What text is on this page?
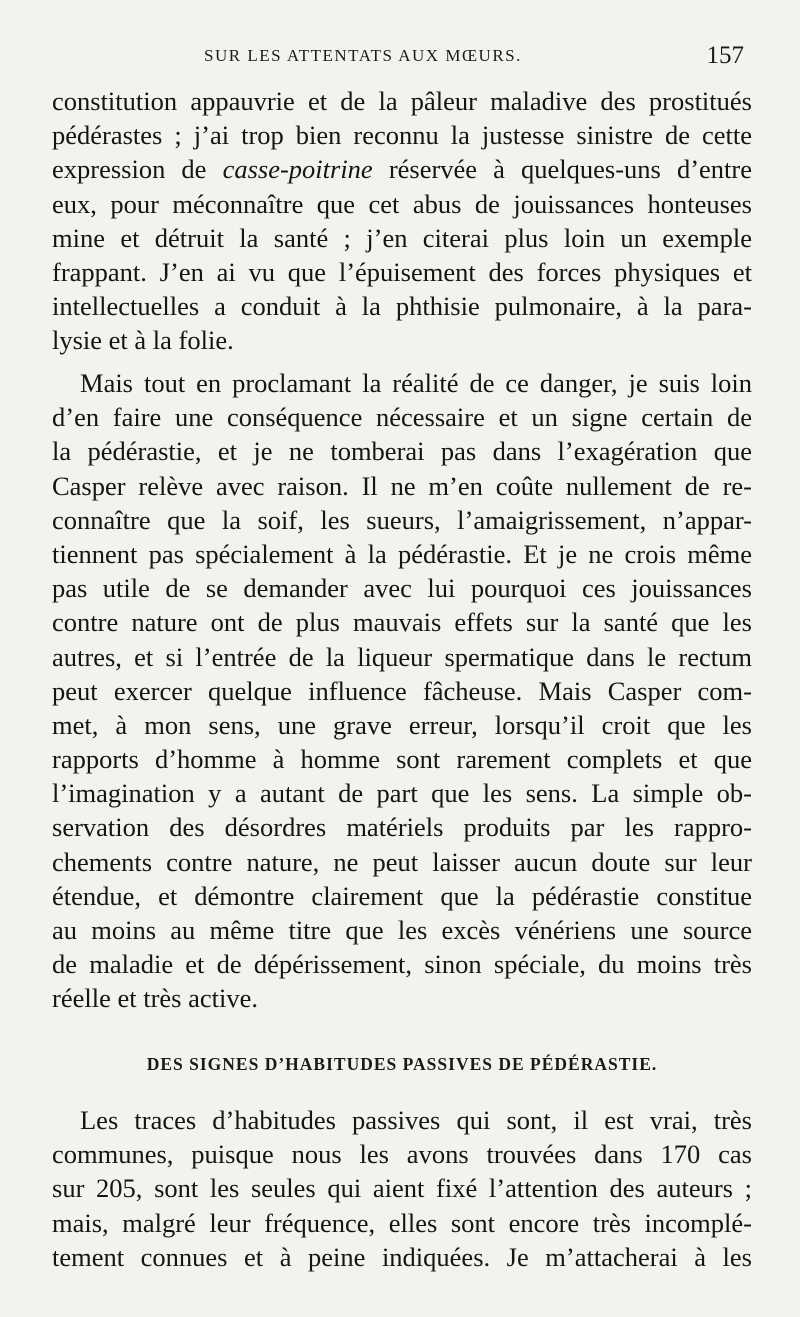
SUR LES ATTENTATS AUX MŒURS.	157
constitution appauvrie et de la pâleur maladive des prostitués
pédérastes ; j’ai trop bien reconnu la justesse sinistre de cette
expression de casse-poitrine réservée à quelques-uns d’entre
eux, pour méconnaître que cet abus de jouissances honteuses
mine et détruit la santé ; j’en citerai plus loin un exemple
frappant. J’en ai vu que l’épuisement des forces physiques et
intellectuelles a conduit à la phthisie pulmonaire, à la para-
lysie et à la folie.
Mais tout en proclamant la réalité de ce danger, je suis loin
d’en faire une conséquence nécessaire et un signe certain de
la pédérastie, et je ne tomberai pas dans l’exagération que
Casper relève avec raison. Il ne m’en coûte nullement de re-
connaître que la soif, les sueurs, l’amaigrissement, n’appar-
tiennent pas spécialement à la pédérastie. Et je ne crois même
pas utile de se demander avec lui pourquoi ces jouissances
contre nature ont de plus mauvais effets sur la santé que les
autres, et si l’entrée de la liqueur spermatique dans le rectum
peut exercer quelque influence fâcheuse. Mais Casper com-
met, à mon sens, une grave erreur, lorsqu’il croit que les
rapports d’homme à homme sont rarement complets et que
l’imagination y a autant de part que les sens. La simple ob-
servation des désordres matériels produits par les rappro-
chements contre nature, ne peut laisser aucun doute sur leur
étendue, et démontre clairement que la pédérastie constitue
au moins au même titre que les excès vénériens une source
de maladie et de dépérissement, sinon spéciale, du moins très
réelle et très active.
DES SIGNES D’HABITUDES PASSIVES DE PÉDÉRASTIE.
Les traces d’habitudes passives qui sont, il est vrai, très
communes, puisque nous les avons trouvées dans 170 cas
sur 205, sont les seules qui aient fixé l’attention des auteurs ;
mais, malgré leur fréquence, elles sont encore très incomplé-
tement connues et à peine indiquées. Je m’attacherai à les
